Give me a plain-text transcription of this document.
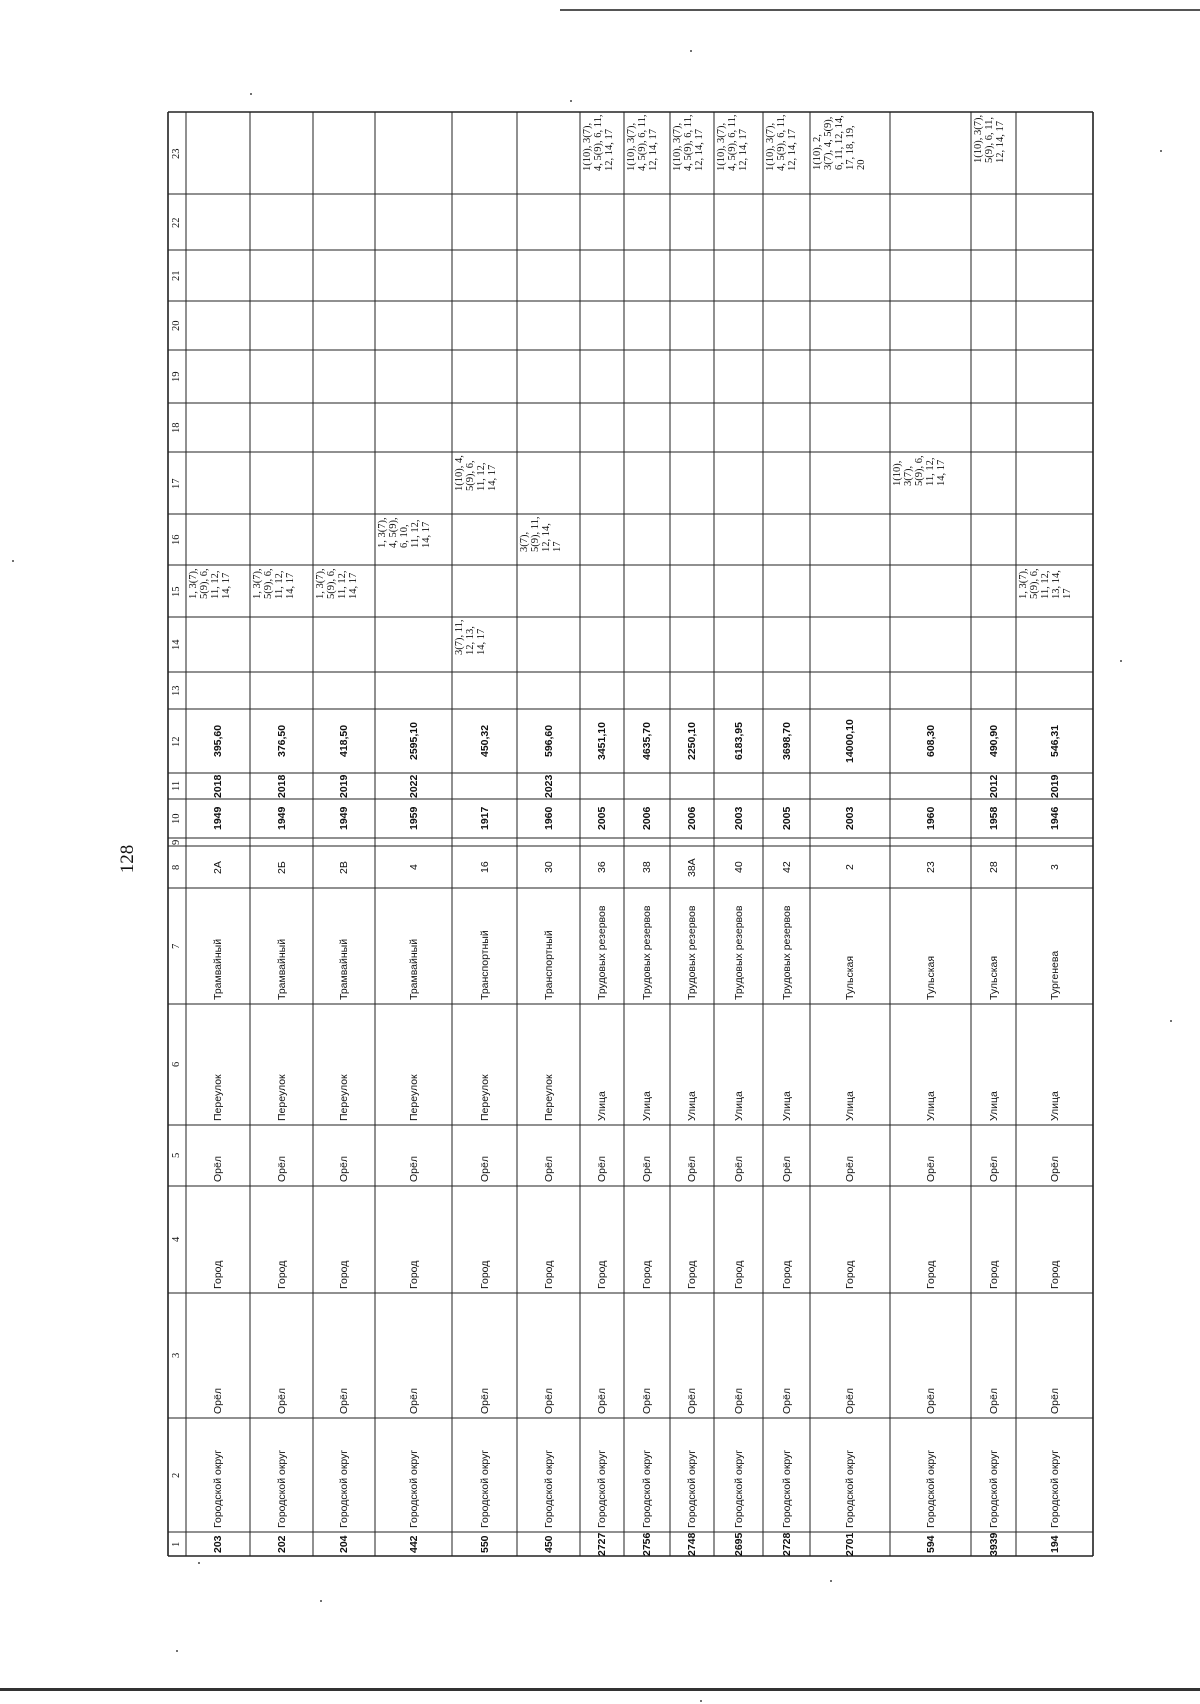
128
1
2
3
4
5
6
7
8
9
10
11
12
13
14
15
16
17
18
19
20
21
22
23
203
Городской округ
Орёл
Город
Орёл
Переулок
Трамвайный
2А
1949
2018
395,60
1, 3(7),
5(9), 6,
11, 12,
14, 17
202
Городской округ
Орёл
Город
Орёл
Переулок
Трамвайный
2Б
1949
2018
376,50
1, 3(7),
5(9), 6,
11, 12,
14, 17
204
Городской округ
Орёл
Город
Орёл
Переулок
Трамвайный
2В
1949
2019
418,50
1, 3(7),
5(9), 6,
11, 12,
14, 17
442
Городской округ
Орёл
Город
Орёл
Переулок
Трамвайный
4
1959
2022
2595,10
1, 3(7),
4, 5(9),
6, 10,
11, 12,
14, 17
550
Городской округ
Орёл
Город
Орёл
Переулок
Транспортный
16
1917
450,32
3(7), 11,
12, 13,
14, 17
1(10), 4,
5(9), 6,
11, 12,
14, 17
450
Городской округ
Орёл
Город
Орёл
Переулок
Транспортный
30
1960
2023
596,60
3(7),
5(9), 11,
12, 14,
17
2727
Городской округ
Орёл
Город
Орёл
Улица
Трудовых резервов
36
2005
3451,10
1(10), 3(7),
4, 5(9), 6, 11,
12, 14, 17
2756
Городской округ
Орёл
Город
Орёл
Улица
Трудовых резервов
38
2006
4635,70
1(10), 3(7),
4, 5(9), 6, 11,
12, 14, 17
2748
Городской округ
Орёл
Город
Орёл
Улица
Трудовых резервов
38А
2006
2250,10
1(10), 3(7),
4, 5(9), 6, 11,
12, 14, 17
2695
Городской округ
Орёл
Город
Орёл
Улица
Трудовых резервов
40
2003
6183,95
1(10), 3(7),
4, 5(9), 6, 11,
12, 14, 17
2728
Городской округ
Орёл
Город
Орёл
Улица
Трудовых резервов
42
2005
3698,70
1(10), 3(7),
4, 5(9), 6, 11,
12, 14, 17
2701
Городской округ
Орёл
Город
Орёл
Улица
Тульская
2
2003
14000,10
1(10), 2,
3(7), 4, 5(9),
6, 11, 12, 14,
17, 18, 19,
20
594
Городской округ
Орёл
Город
Орёл
Улица
Тульская
23
1960
608,30
1(10),
3(7),
5(9), 6,
11, 12,
14, 17
3939
Городской округ
Орёл
Город
Орёл
Улица
Тульская
28
1958
2012
490,90
1(10), 3(7),
5(9), 6, 11,
12, 14, 17
194
Городской округ
Орёл
Город
Орёл
Улица
Тургенева
3
1946
2019
546,31
1, 3(7),
5(9), 6,
11, 12,
13, 14,
17
